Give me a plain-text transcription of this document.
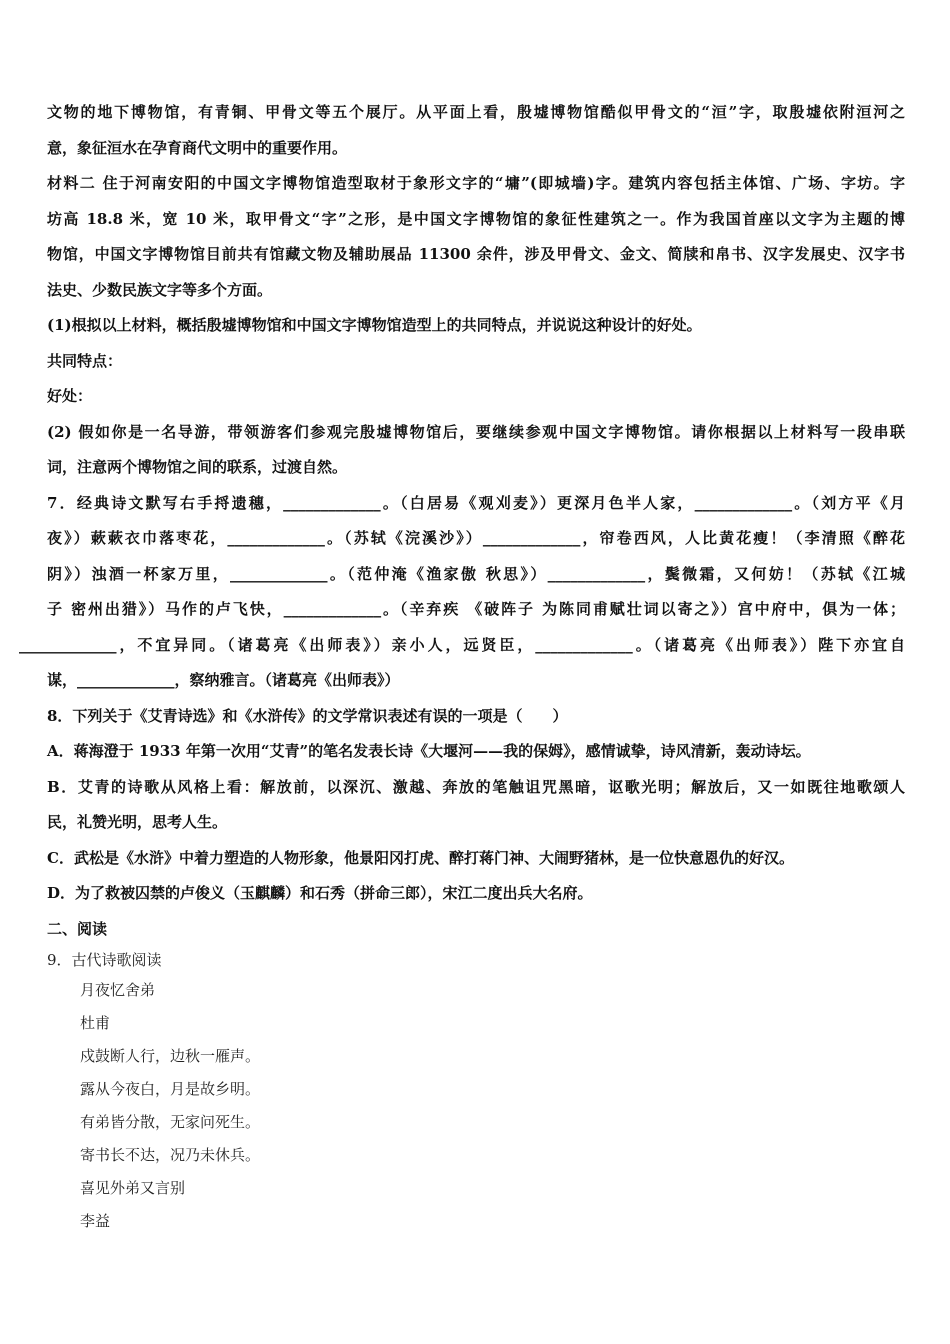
文物的地下博物馆，有青铜、甲骨文等五个展厅。从平面上看，殷墟博物馆酷似甲骨文的“洹”字，取殷墟依附洹河之
意，象征洹水在孕育商代文明中的重要作用。
材料二 住于河南安阳的中国文字博物馆造型取材于象形文字的“墉”(即城墙)字。建筑内容包括主体馆、广场、字坊。字
坊高 18.8 米，宽 10 米，取甲骨文“字”之形，是中国文字博物馆的象征性建筑之一。作为我国首座以文字为主题的博
物馆，中国文字博物馆目前共有馆藏文物及辅助展品 11300 余件，涉及甲骨文、金文、简牍和帛书、汉字发展史、汉字书
法史、少数民族文字等多个方面。
(1)根拟以上材料，概括殷墟博物馆和中国文字博物馆造型上的共同特点，并说说这种设计的好处。
共同特点：
好处：
(2) 假如你是一名导游，带领游客们参观完殷墟博物馆后，要继续参观中国文字博物馆。请你根据以上材料写一段串联
词，注意两个博物馆之间的联系，过渡自然。
7．经典诗文默写右手捋遗穗，_____________。（白居易《观刈麦》）更深月色半人家，_____________。（刘方平《月
夜》）蔌蔌衣巾落枣花，_____________。（苏轼《浣溪沙》）_____________，帘卷西风，人比黄花瘦！（李清照《醉花
阴》）浊酒一杯家万里，_____________。（范仲淹《渔家傲 秋思》）_____________，鬓微霜，又何妨！（苏轼《江城
子 密州出猎》）马作的卢飞快，_____________。（辛弃疾 《破阵子 为陈同甫赋壮词以寄之》）宫中府中，俱为一体；
_____________，不宜异同。（诸葛亮《出师表》）亲小人，远贤臣，_____________。（诸葛亮《出师表》）陛下亦宜自
谋，_____________，察纳雅言。（诸葛亮《出师表》）
8．下列关于《艾青诗选》和《水浒传》的文学常识表述有误的一项是（　　）
A．蒋海澄于 1933 年第一次用“艾青”的笔名发表长诗《大堰河——我的保姆》，感情诚挚，诗风清新，轰动诗坛。
B．艾青的诗歌从风格上看：解放前，以深沉、激越、奔放的笔触诅咒黑暗，讴歌光明；解放后，又一如既往地歌颂人
民，礼赞光明，思考人生。
C．武松是《水浒》中着力塑造的人物形象，他景阳冈打虎、醉打蒋门神、大闹野猪林，是一位快意恩仇的好汉。
D．为了救被囚禁的卢俊义（玉麒麟）和石秀（拼命三郎），宋江二度出兵大名府。
二、阅读
9．古代诗歌阅读
月夜忆舍弟
杜甫
戍鼓断人行，边秋一雁声。
露从今夜白，月是故乡明。
有弟皆分散，无家问死生。
寄书长不达，况乃未休兵。
喜见外弟又言别
李益
